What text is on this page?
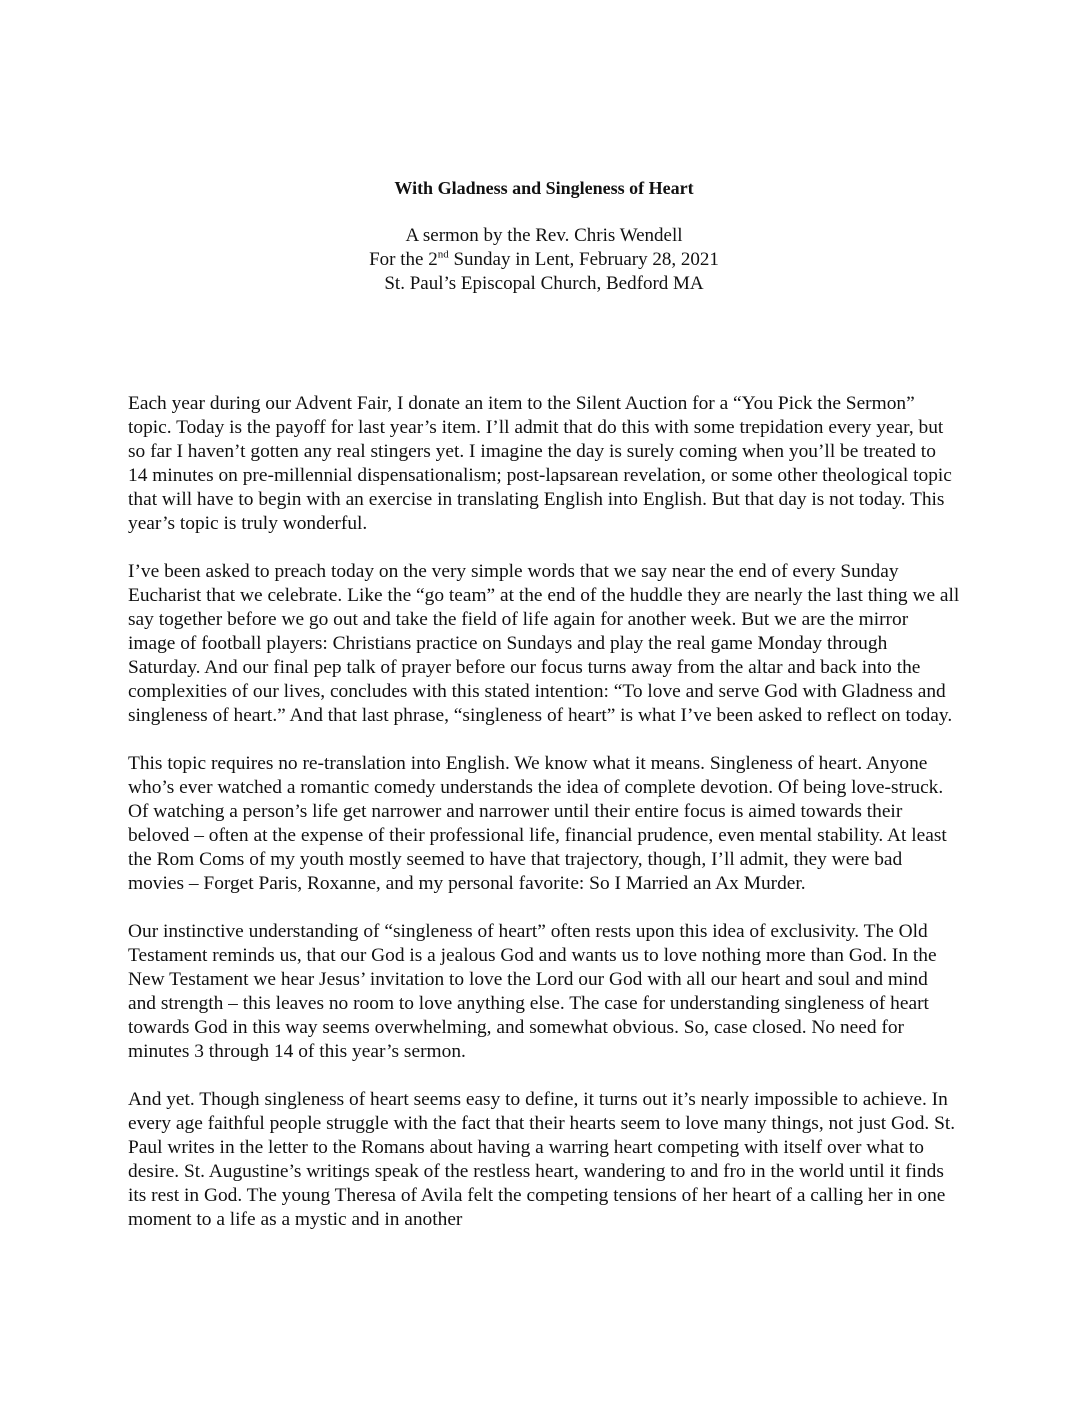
With Gladness and Singleness of Heart
A sermon by the Rev. Chris Wendell
For the 2nd Sunday in Lent, February 28, 2021
St. Paul’s Episcopal Church, Bedford MA

Each year during our Advent Fair, I donate an item to the Silent Auction for a “You Pick the Sermon” topic. Today is the payoff for last year’s item. I’ll admit that do this with some trepidation every year, but so far I haven’t gotten any real stingers yet. I imagine the day is surely coming when you’ll be treated to 14 minutes on pre-millennial dispensationalism; post-lapsarean revelation, or some other theological topic that will have to begin with an exercise in translating English into English. But that day is not today. This year’s topic is truly wonderful.

I’ve been asked to preach today on the very simple words that we say near the end of every Sunday Eucharist that we celebrate. Like the “go team” at the end of the huddle they are nearly the last thing we all say together before we go out and take the field of life again for another week. But we are the mirror image of football players: Christians practice on Sundays and play the real game Monday through Saturday. And our final pep talk of prayer before our focus turns away from the altar and back into the complexities of our lives, concludes with this stated intention: “To love and serve God with Gladness and singleness of heart.” And that last phrase, “singleness of heart” is what I’ve been asked to reflect on today.

This topic requires no re-translation into English. We know what it means. Singleness of heart. Anyone who’s ever watched a romantic comedy understands the idea of complete devotion. Of being love-struck. Of watching a person’s life get narrower and narrower until their entire focus is aimed towards their beloved – often at the expense of their professional life, financial prudence, even mental stability. At least the Rom Coms of my youth mostly seemed to have that trajectory, though, I’ll admit, they were bad movies – Forget Paris, Roxanne, and my personal favorite: So I Married an Ax Murder.

Our instinctive understanding of “singleness of heart” often rests upon this idea of exclusivity. The Old Testament reminds us, that our God is a jealous God and wants us to love nothing more than God. In the New Testament we hear Jesus’ invitation to love the Lord our God with all our heart and soul and mind and strength – this leaves no room to love anything else. The case for understanding singleness of heart towards God in this way seems overwhelming, and somewhat obvious. So, case closed. No need for minutes 3 through 14 of this year’s sermon.

And yet. Though singleness of heart seems easy to define, it turns out it’s nearly impossible to achieve. In every age faithful people struggle with the fact that their hearts seem to love many things, not just God. St. Paul writes in the letter to the Romans about having a warring heart competing with itself over what to desire. St. Augustine’s writings speak of the restless heart, wandering to and fro in the world until it finds its rest in God. The young Theresa of Avila felt the competing tensions of her heart of a calling her in one moment to a life as a mystic and in another
